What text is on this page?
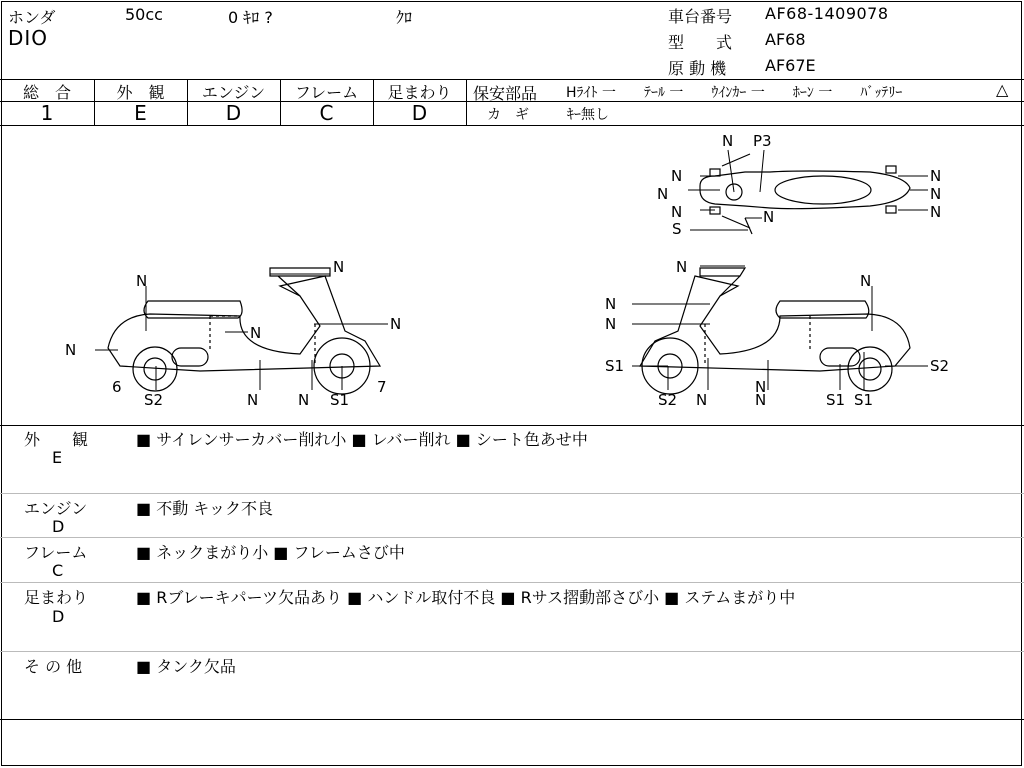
ホンダ	50cc	0 ｷﾛ ?	ｸﾛ
DIO
車台番号 AF68-1409078
型　　式 AF68
原 動 機 AF67E
総　合	外　観	エンジン	フレーム	足まわり
1	E	D	C	D
保安部品 Hﾗｲﾄ 一　　ﾃｰﾙ 一　　ｳｲﾝｶｰ 一　　ﾎｰﾝ 一　　ﾊﾞｯﾃﾘｰ	△
カ　ギ	ｷｰ無し
N P3
N
N
N
N
N
N
N
S
N
N
N
N	N
N
6
S2	N	N S1
7
N
N
N
N
S1
S2 N	N	S1 S1
S2
外　　観
E
■ サイレンサーカバー削れ小 ■ レバー削れ ■ シート色あせ中
エンジン
D
■ 不動 キック不良
フレーム
C
■ ネックまがり小 ■ フレームさび中
足まわり
D
■ Rブレーキパーツ欠品あり ■ ハンドル取付不良 ■ Rサス摺動部さび小 ■ ステムまがり中
そ の 他	■ タンク欠品
